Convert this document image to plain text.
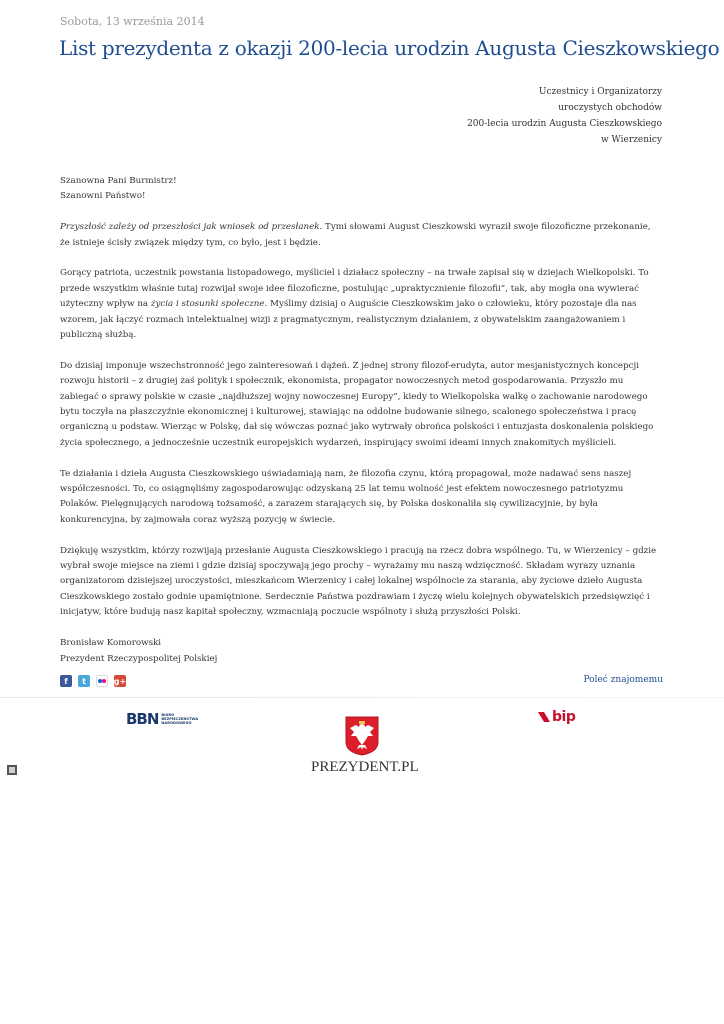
Sobota, 13 września 2014
List prezydenta z okazji 200-lecia urodzin Augusta Cieszkowskiego
Uczestnicy i Organizatorzy
uroczystych obchodów
200-lecia urodzin Augusta Cieszkowskiego
w Wierzenicy

Szanowna Pani Burmistrz!

Szanowni Państwo!

Przyszłość zależy od przeszłości jak wniosek od przesłanek. Tymi słowami August Cieszkowski wyraził swoje filozoficzne przekonanie, że istnieje ścisły związek między tym, co było, jest i będzie.

Gorący patriota, uczestnik powstania listopadowego, myśliciel i działacz społeczny – na trwałe zapisał się w dziejach Wielkopolski. To przede wszystkim właśnie tutaj rozwijał swoje idee filozoficzne, postulując „upraktycznienie filozofii”, tak, aby mogła ona wywierać użyteczny wpływ na życia i stosunki społeczne. Myślimy dzisiaj o Auguście Cieszkowskim jako o człowieku, który pozostaje dla nas wzorem, jak łączyć rozmach intelektualnej wizji z pragmatycznym, realistycznym działaniem, z obywatelskim zaangażowaniem i publiczną służbą.

Do dzisiaj imponuje wszechstronność jego zainteresowań i dążeń. Z jednej strony filozof-erudyta, autor mesjanistycznych koncepcji rozwoju historii – z drugiej zaś polityk i społecznik, ekonomista, propagator nowoczesnych metod gospodarowania. Przyszło mu zabiegać o sprawy polskie w czasie „najdłuższej wojny nowoczesnej Europy”, kiedy to Wielkopolska walkę o zachowanie narodowego bytu toczyła na płaszczyźnie ekonomicznej i kulturowej, stawiając na oddolne budowanie silnego, scalonego społeczeństwa i pracę organiczną u podstaw. Wierząc w Polskę, dał się wówczas poznać jako wytrwały obrońca polskości i entuzjasta doskonalenia polskiego życia społecznego, a jednocześnie uczestnik europejskich wydarzeń, inspirujący swoimi ideami innych znakomitych myślicieli.

Te działania i dzieła Augusta Cieszkowskiego uświadamiają nam, że filozofia czynu, którą propagował, może nadawać sens naszej współczesności. To, co osiągnęliśmy zagospodarowując odzyskaną 25 lat temu wolność jest efektem nowoczesnego patriotyzmu Polaków. Pielęgnujących narodową tożsamość, a zarazem starających się, by Polska doskonaliła się cywilizacyjnie, by była konkurencyjna, by zajmowała coraz wyższą pozycję w świecie.

Dziękuję wszystkim, którzy rozwijają przesłanie Augusta Cieszkowskiego i pracują na rzecz dobra wspólnego. Tu, w Wierzenicy – gdzie wybrał swoje miejsce na ziemi i gdzie dzisiaj spoczywają jego prochy – wyrażamy mu naszą wdzięczność. Składam wyrazy uznania organizatorom dzisiejszej uroczystości, mieszkańcom Wierzenicy i całej lokalnej wspólnocie za starania, aby życiowe dzieło Augusta Cieszkowskiego zostało godnie upamiętnione. Serdecznie Państwa pozdrawiam i życzę wielu kolejnych obywatelskich przedsięwzięć i inicjatyw, które budują nasz kapitał społeczny, wzmacniają poczucie wspólnoty i służą przyszłości Polski.

Bronisław Komorowski
Prezydent Rzeczypospolitej Polskiej
f t	g+	Poleć znajomemu
BBN BIURO BEZPIECZEŃSTWA NARODOWEGO
PREZYDENT.PL
bip
